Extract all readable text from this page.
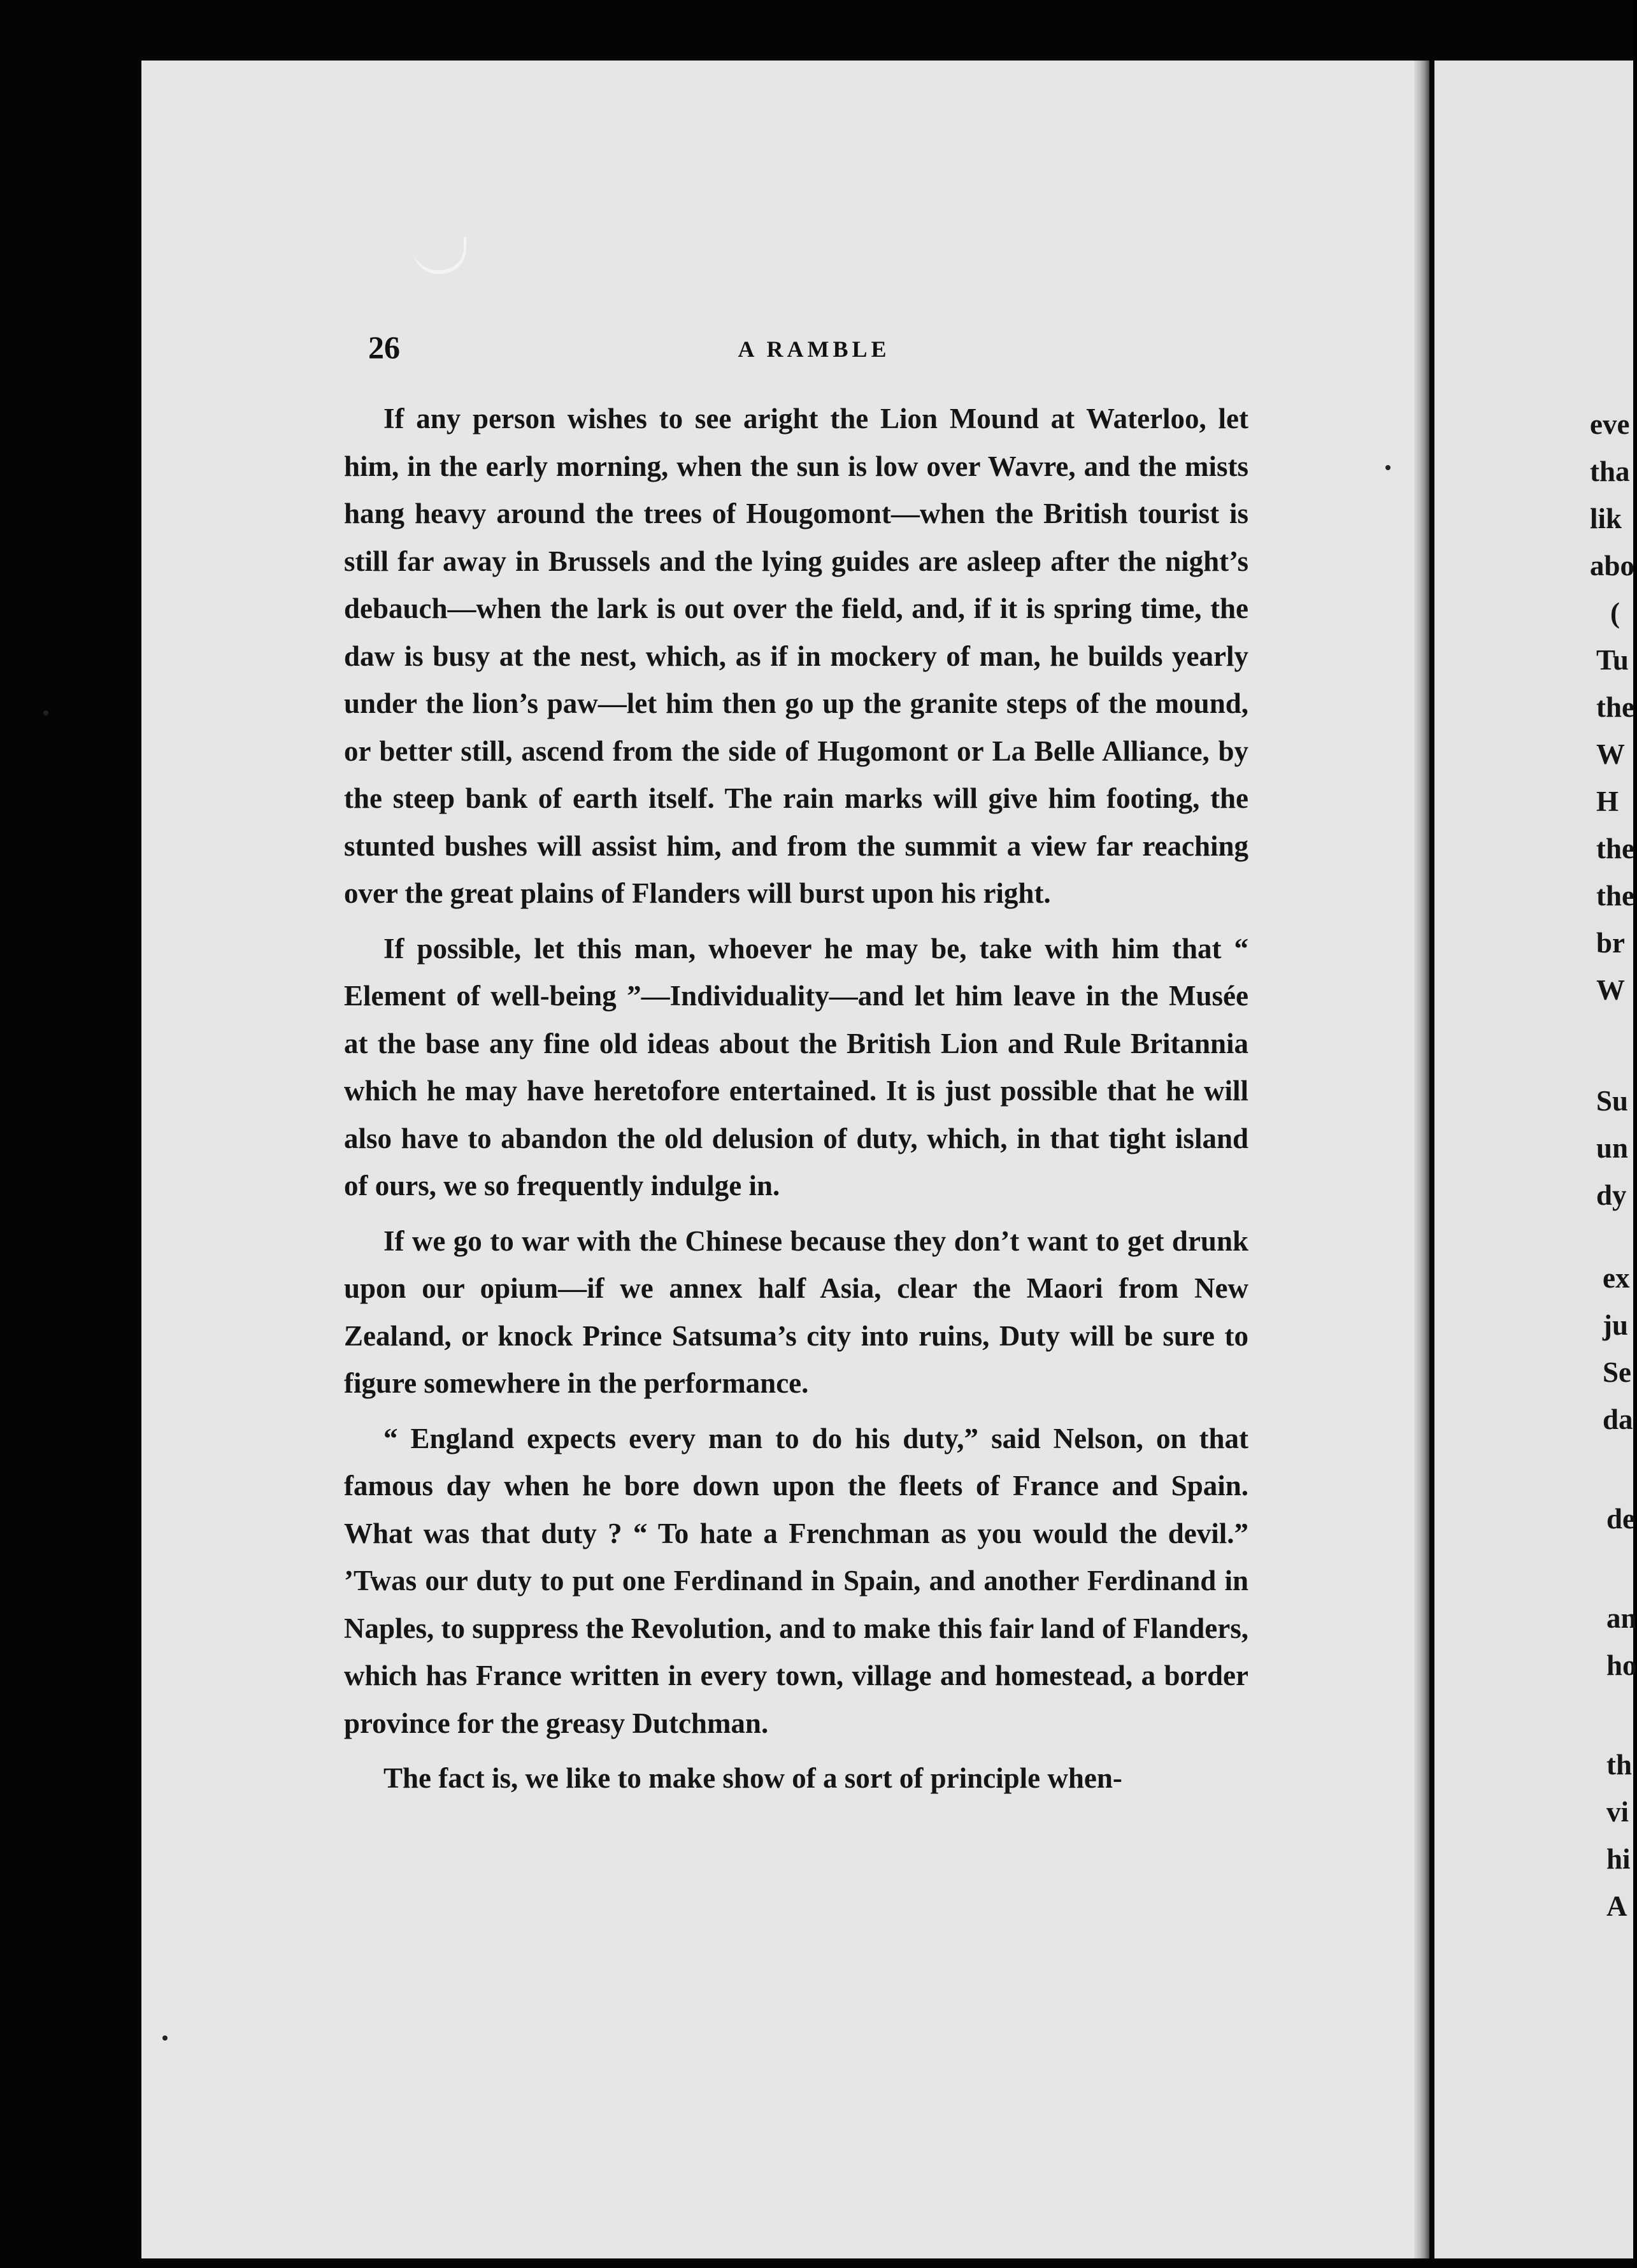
26	A RAMBLE

If any person wishes to see aright the Lion Mound at Waterloo, let him, in the early morning, when the sun is low over Wavre, and the mists hang heavy around the trees of Hougomont—when the British tourist is still far away in Brussels and the lying guides are asleep after the night’s debauch—when the lark is out over the field, and, if it is spring time, the daw is busy at the nest, which, as if in mockery of man, he builds yearly under the lion’s paw—let him then go up the granite steps of the mound, or better still, ascend from the side of Hugomont or La Belle Alliance, by the steep bank of earth itself. The rain marks will give him footing, the stunted bushes will assist him, and from the summit a view far reaching over the great plains of Flanders will burst upon his right.

If possible, let this man, whoever he may be, take with him that “ Element of well-being ”—Individuality—and let him leave in the Musée at the base any fine old ideas about the British Lion and Rule Britannia which he may have heretofore entertained. It is just possible that he will also have to abandon the old delusion of duty, which, in that tight island of ours, we so frequently indulge in.

If we go to war with the Chinese because they don’t want to get drunk upon our opium—if we annex half Asia, clear the Maori from New Zealand, or knock Prince Satsuma’s city into ruins, Duty will be sure to figure somewhere in the performance.

“ England expects every man to do his duty,” said Nelson, on that famous day when he bore down upon the fleets of France and Spain. What was that duty ? “ To hate a Frenchman as you would the devil.” ’Twas our duty to put one Ferdinand in Spain, and another Ferdinand in Naples, to suppress the Revolution, and to make this fair land of Flanders, which has France written in every town, village and homestead, a border province for the greasy Dutchman.

The fact is, we like to make show of a sort of principle when-

eve
tha
lik
abo
(
Tu
the
W
H
the
the
br
W
Su
un
dy
ex
ju
Se
da
de
an
ho
th
vi
hi
A
